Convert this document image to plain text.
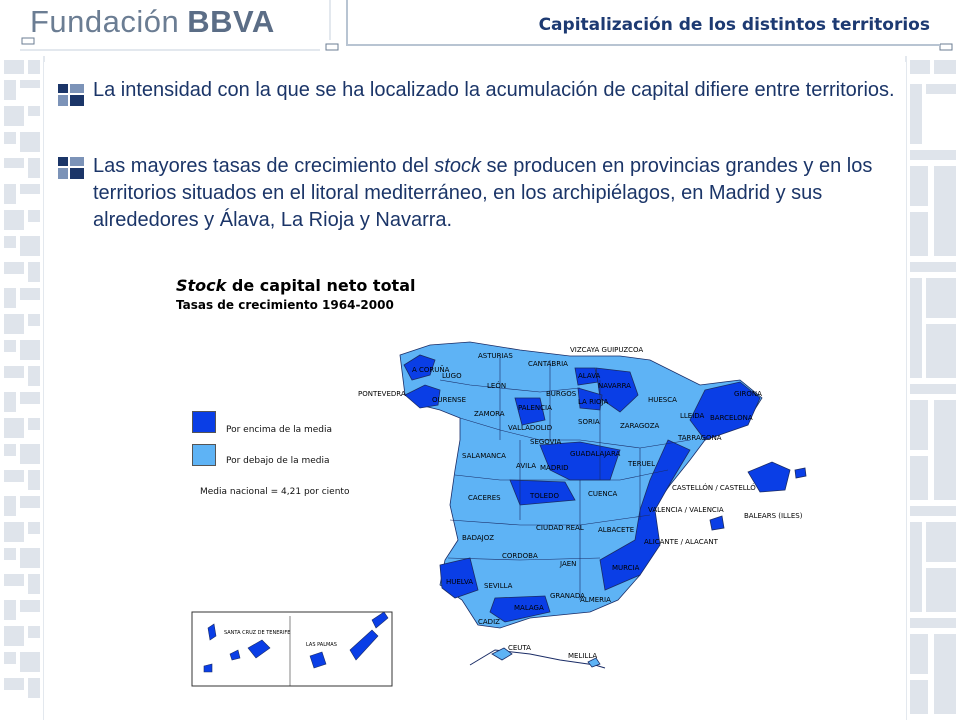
Fundación BBVA	Capitalización de los distintos territorios
La intensidad con la que se ha localizado la acumulación de capital difiere entre territorios.
Las mayores tasas de crecimiento del stock se producen en provincias grandes y en los territorios situados en el litoral mediterráneo, en los archipiélagos, en Madrid y sus alrededores y Álava, La Rioja y Navarra.
Stock de capital neto total
Tasas de crecimiento 1964-2000
Por encima de la media
Por debajo de la media
Media nacional = 4,21 por ciento
A CORUÑA
LUGO
PONTEVEDRA
OURENSE
ASTURIAS
CANTABRIA
VIZCAYA GUIPUZCOA
ALAVA
NAVARRA
LEÓN
BURGOS
LA RIOJA	HUESCA
GIRONA
LLEIDA BARCELONA
TARRAGONA
ZAMORA
PALENCIA
VALLADOLID
SORIA	ZARAGOZA
SEGOVIA
SALAMANCA	GUADALAJARA
AVILA MADRID	TERUEL
CACERES	TOLEDO	CUENCA
CASTELLÓN / CASTELLÓ
VALENCIA / VALENCIA
BALEARS (ILLES)
BADAJOZ
CIUDAD REAL ALBACETE
ALICANTE / ALACANT
CORDOBA
JAEN	MURCIA
HUELVA SEVILLA
GRANADA
ALMERIA
MALAGA
CADIZ
CEUTA
MELILLA
SANTA CRUZ DE TENERIFE
LAS PALMAS
